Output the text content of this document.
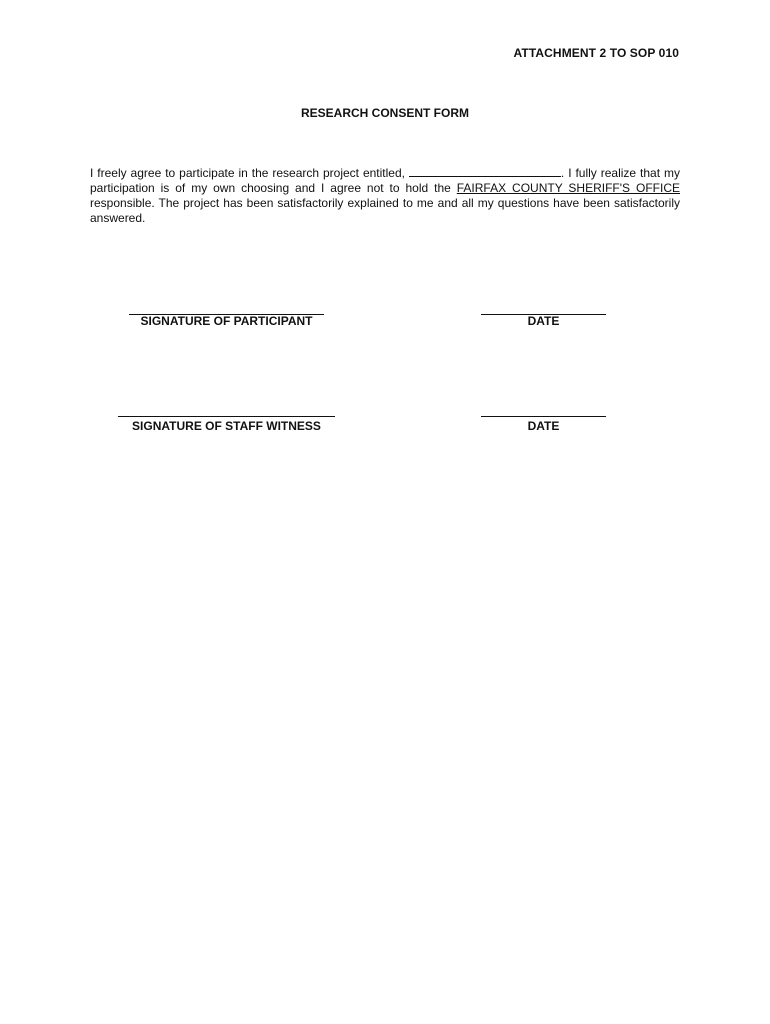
ATTACHMENT 2 TO SOP 010
RESEARCH CONSENT FORM
I freely agree to participate in the research project entitled,	. I fully realize that my participation is of my own choosing and I agree not to hold the FAIRFAX COUNTY SHERIFF'S OFFICE responsible. The project has been satisfactorily explained to me and all my questions have been satisfactorily answered.
SIGNATURE OF PARTICIPANT	DATE
SIGNATURE OF STAFF WITNESS	DATE
